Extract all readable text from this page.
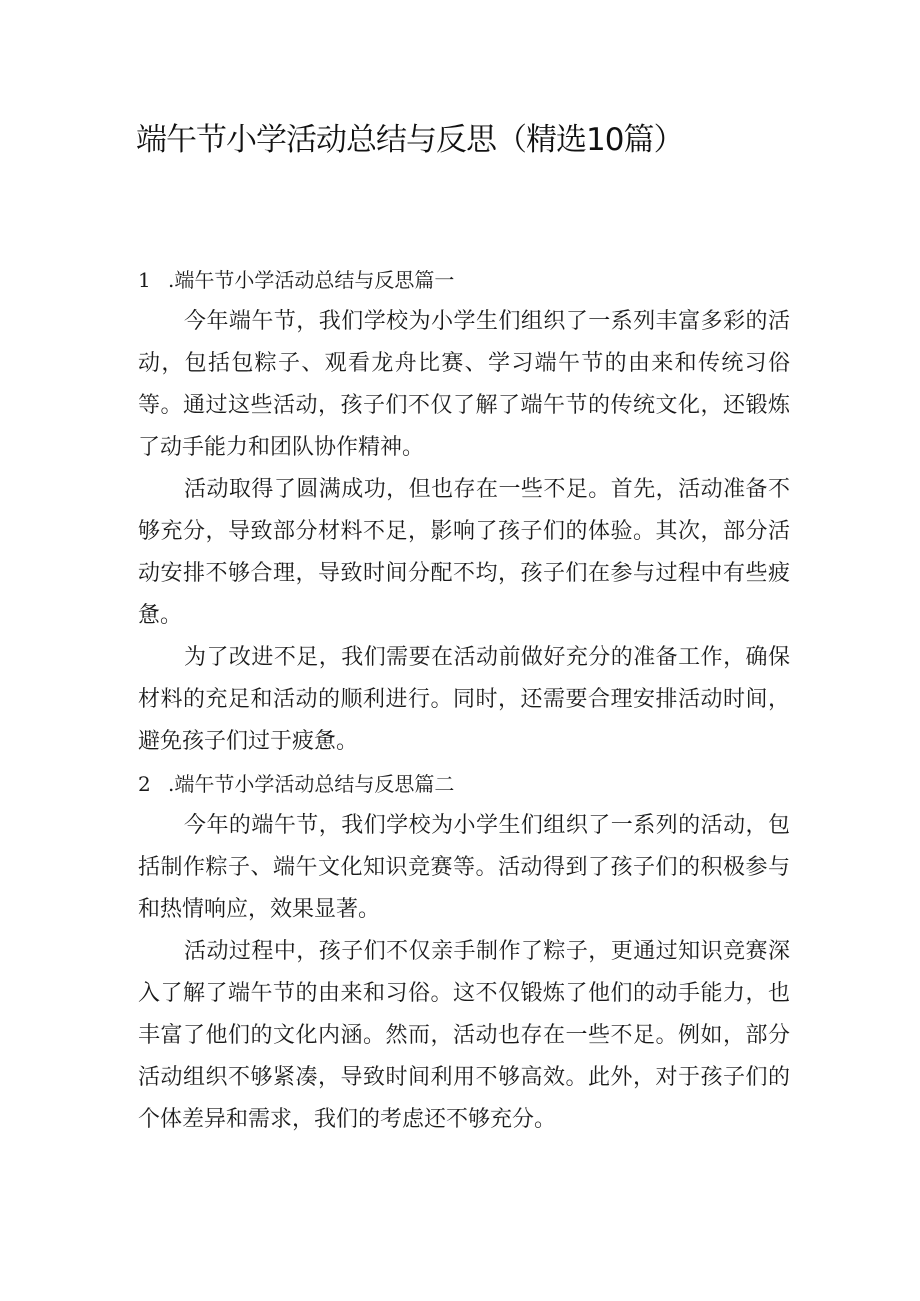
端午节小学活动总结与反思（精选10篇）
1 .端午节小学活动总结与反思篇一

今年端午节，我们学校为小学生们组织了一系列丰富多彩的活动，包括包粽子、观看龙舟比赛、学习端午节的由来和传统习俗等。通过这些活动，孩子们不仅了解了端午节的传统文化，还锻炼了动手能力和团队协作精神。

活动取得了圆满成功，但也存在一些不足。首先，活动准备不够充分，导致部分材料不足，影响了孩子们的体验。其次，部分活动安排不够合理，导致时间分配不均，孩子们在参与过程中有些疲惫。

为了改进不足，我们需要在活动前做好充分的准备工作，确保材料的充足和活动的顺利进行。同时，还需要合理安排活动时间，避免孩子们过于疲惫。

2 .端午节小学活动总结与反思篇二

今年的端午节，我们学校为小学生们组织了一系列的活动，包括制作粽子、端午文化知识竞赛等。活动得到了孩子们的积极参与和热情响应，效果显著。

活动过程中，孩子们不仅亲手制作了粽子，更通过知识竞赛深入了解了端午节的由来和习俗。这不仅锻炼了他们的动手能力，也丰富了他们的文化内涵。然而，活动也存在一些不足。例如，部分活动组织不够紧凑，导致时间利用不够高效。此外，对于孩子们的个体差异和需求，我们的考虑还不够充分。
